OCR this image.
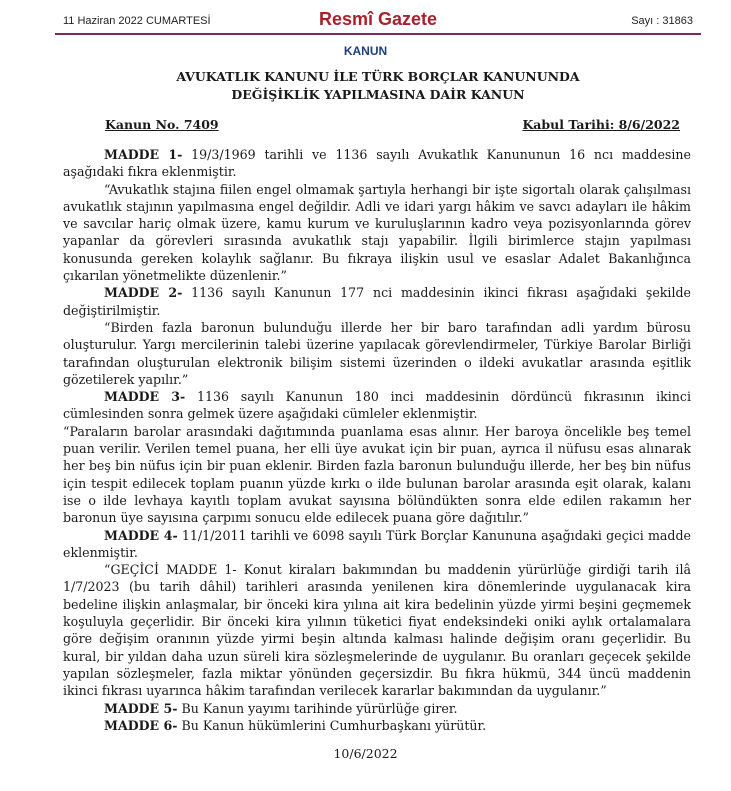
11 Haziran 2022 CUMARTESİ	Resmî Gazete	Sayı : 31863
KANUN
AVUKATLIK KANUNU İLE TÜRK BORÇLAR KANUNUNDA
DEĞİŞİKLİK YAPILMASINA DAİR KANUN
Kanun No. 7409	Kabul Tarihi: 8/6/2022

MADDE 1- 19/3/1969 tarihli ve 1136 sayılı Avukatlık Kanununun 16 ncı maddesine aşağıdaki fıkra eklenmiştir.

“Avukatlık stajına fiilen engel olmamak şartıyla herhangi bir işte sigortalı olarak çalışılması avukatlık stajının yapılmasına engel değildir. Adli ve idari yargı hâkim ve savcı adayları ile hâkim ve savcılar hariç olmak üzere, kamu kurum ve kuruluşlarının kadro veya pozisyonlarında görev yapanlar da görevleri sırasında avukatlık stajı yapabilir. İlgili birimlerce stajın yapılması konusunda gereken kolaylık sağlanır. Bu fıkraya ilişkin usul ve esaslar Adalet Bakanlığınca çıkarılan yönetmelikte düzenlenir.”

MADDE 2- 1136 sayılı Kanunun 177 nci maddesinin ikinci fıkrası aşağıdaki şekilde değiştirilmiştir.

“Birden fazla baronun bulunduğu illerde her bir baro tarafından adli yardım bürosu oluşturulur. Yargı mercilerinin talebi üzerine yapılacak görevlendirmeler, Türkiye Barolar Birliği tarafından oluşturulan elektronik bilişim sistemi üzerinden o ildeki avukatlar arasında eşitlik gözetilerek yapılır.”

MADDE 3- 1136 sayılı Kanunun 180 inci maddesinin dördüncü fıkrasının ikinci cümlesinden sonra gelmek üzere aşağıdaki cümleler eklenmiştir.

“Paraların barolar arasındaki dağıtımında puanlama esas alınır. Her baroya öncelikle beş temel puan verilir. Verilen temel puana, her elli üye avukat için bir puan, ayrıca il nüfusu esas alınarak her beş bin nüfus için bir puan eklenir. Birden fazla baronun bulunduğu illerde, her beş bin nüfus için tespit edilecek toplam puanın yüzde kırkı o ilde bulunan barolar arasında eşit olarak, kalanı ise o ilde levhaya kayıtlı toplam avukat sayısına bölündükten sonra elde edilen rakamın her baronun üye sayısına çarpımı sonucu elde edilecek puana göre dağıtılır.”

MADDE 4- 11/1/2011 tarihli ve 6098 sayılı Türk Borçlar Kanununa aşağıdaki geçici madde eklenmiştir.

“GEÇİCİ MADDE 1- Konut kiraları bakımından bu maddenin yürürlüğe girdiği tarih ilâ 1/7/2023 (bu tarih dâhil) tarihleri arasında yenilenen kira dönemlerinde uygulanacak kira bedeline ilişkin anlaşmalar, bir önceki kira yılına ait kira bedelinin yüzde yirmi beşini geçmemek koşuluyla geçerlidir. Bir önceki kira yılının tüketici fiyat endeksindeki oniki aylık ortalamalara göre değişim oranının yüzde yirmi beşin altında kalması halinde değişim oranı geçerlidir. Bu kural, bir yıldan daha uzun süreli kira sözleşmelerinde de uygulanır. Bu oranları geçecek şekilde yapılan sözleşmeler, fazla miktar yönünden geçersizdir. Bu fıkra hükmü, 344 üncü maddenin ikinci fıkrası uyarınca hâkim tarafından verilecek kararlar bakımından da uygulanır.”

MADDE 5- Bu Kanun yayımı tarihinde yürürlüğe girer.

MADDE 6- Bu Kanun hükümlerini Cumhurbaşkanı yürütür.

10/6/2022
